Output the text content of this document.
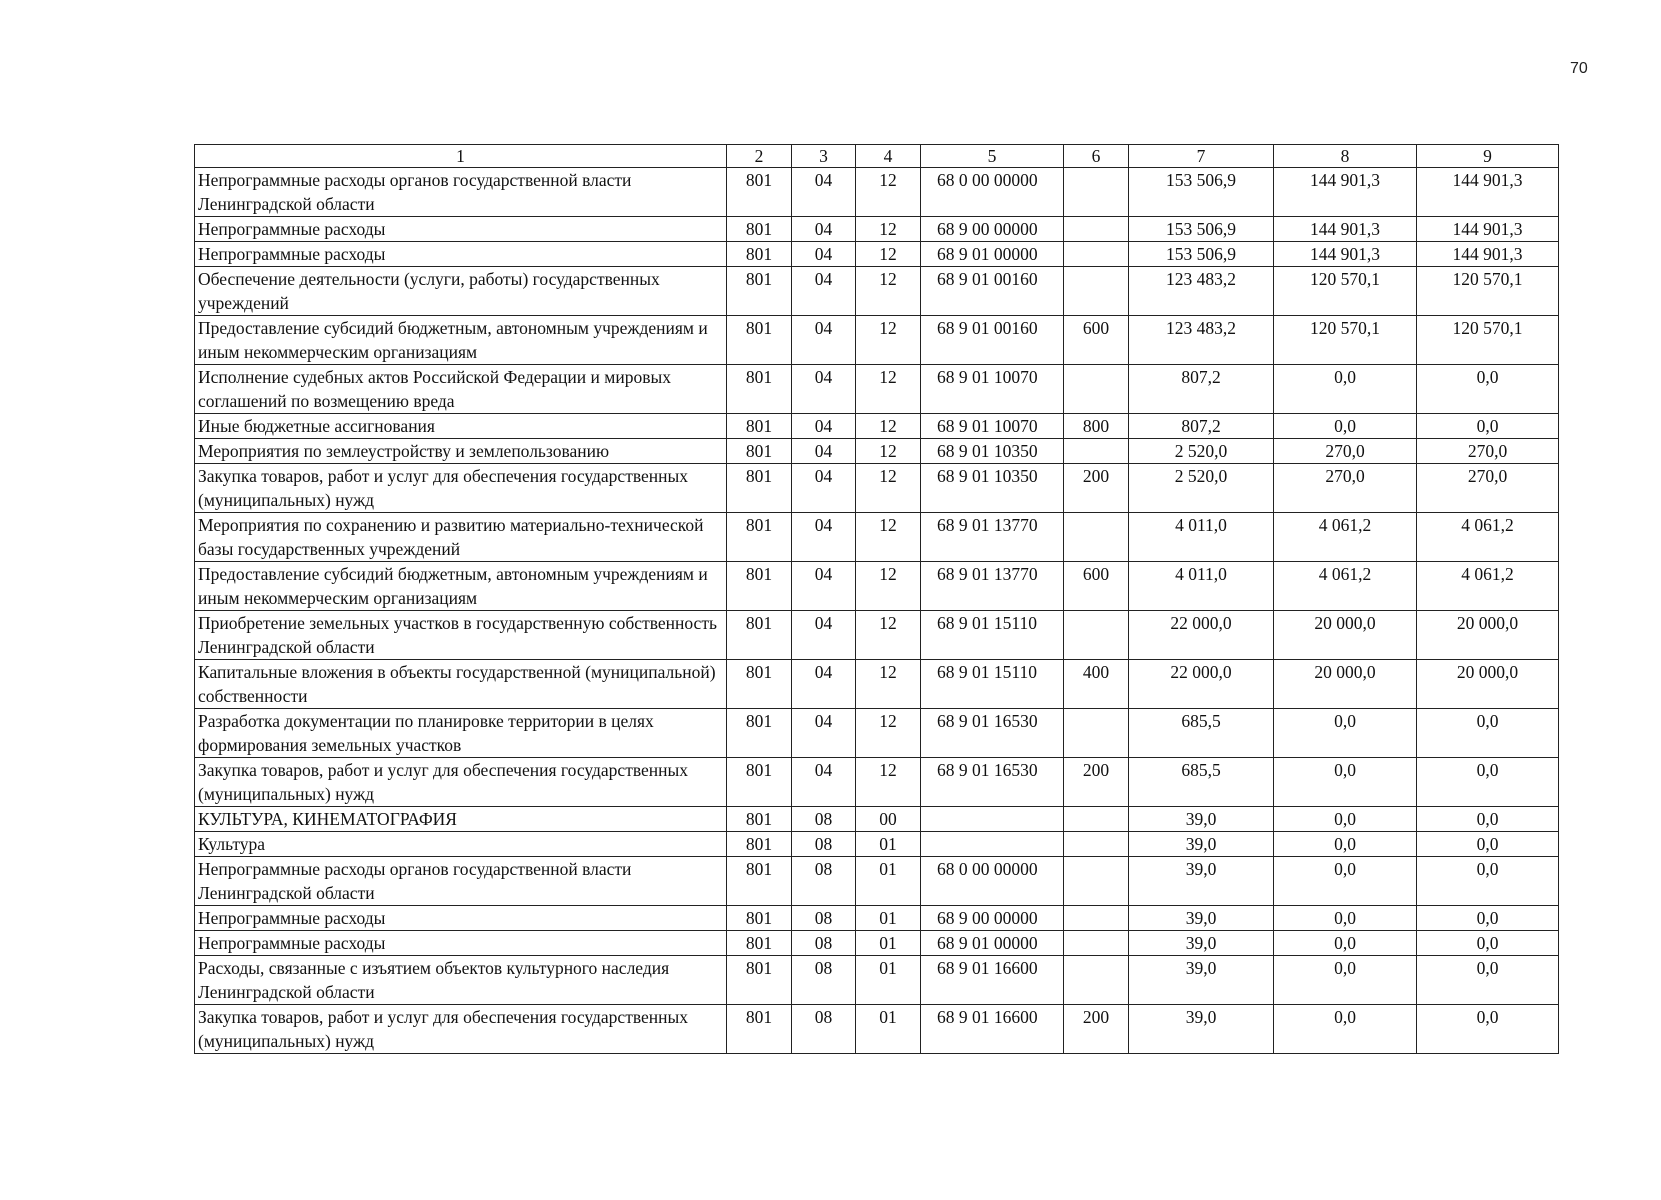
70
1	2	3	4	5	6	7	8	9
Непрограммные расходы органов государственной власти Ленинградской области	801	04	12	68 0 00 00000		153 506,9	144 901,3	144 901,3
Непрограммные расходы	801	04	12	68 9 00 00000		153 506,9	144 901,3	144 901,3
Непрограммные расходы	801	04	12	68 9 01 00000		153 506,9	144 901,3	144 901,3
Обеспечение деятельности (услуги, работы) государственных учреждений	801	04	12	68 9 01 00160		123 483,2	120 570,1	120 570,1
Предоставление субсидий бюджетным, автономным учреждениям и иным некоммерческим организациям	801	04	12	68 9 01 00160	600	123 483,2	120 570,1	120 570,1
Исполнение судебных актов Российской Федерации и мировых соглашений по возмещению вреда	801	04	12	68 9 01 10070		807,2	0,0	0,0
Иные бюджетные ассигнования	801	04	12	68 9 01 10070	800	807,2	0,0	0,0
Мероприятия по землеустройству и землепользованию	801	04	12	68 9 01 10350		2 520,0	270,0	270,0
Закупка товаров, работ и услуг для обеспечения государственных (муниципальных) нужд	801	04	12	68 9 01 10350	200	2 520,0	270,0	270,0
Мероприятия по сохранению и развитию материально-технической базы государственных учреждений	801	04	12	68 9 01 13770		4 011,0	4 061,2	4 061,2
Предоставление субсидий бюджетным, автономным учреждениям и иным некоммерческим организациям	801	04	12	68 9 01 13770	600	4 011,0	4 061,2	4 061,2
Приобретение земельных участков в государственную собственность Ленинградской области	801	04	12	68 9 01 15110		22 000,0	20 000,0	20 000,0
Капитальные вложения в объекты государственной (муниципальной) собственности	801	04	12	68 9 01 15110	400	22 000,0	20 000,0	20 000,0
Разработка документации по планировке территории в целях формирования земельных участков	801	04	12	68 9 01 16530		685,5	0,0	0,0
Закупка товаров, работ и услуг для обеспечения государственных (муниципальных) нужд	801	04	12	68 9 01 16530	200	685,5	0,0	0,0
КУЛЬТУРА, КИНЕМАТОГРАФИЯ	801	08	00			39,0	0,0	0,0
Культура	801	08	01			39,0	0,0	0,0
Непрограммные расходы органов государственной власти Ленинградской области	801	08	01	68 0 00 00000		39,0	0,0	0,0
Непрограммные расходы	801	08	01	68 9 00 00000		39,0	0,0	0,0
Непрограммные расходы	801	08	01	68 9 01 00000		39,0	0,0	0,0
Расходы, связанные с изъятием объектов культурного наследия Ленинградской области	801	08	01	68 9 01 16600		39,0	0,0	0,0
Закупка товаров, работ и услуг для обеспечения государственных (муниципальных) нужд	801	08	01	68 9 01 16600	200	39,0	0,0	0,0
